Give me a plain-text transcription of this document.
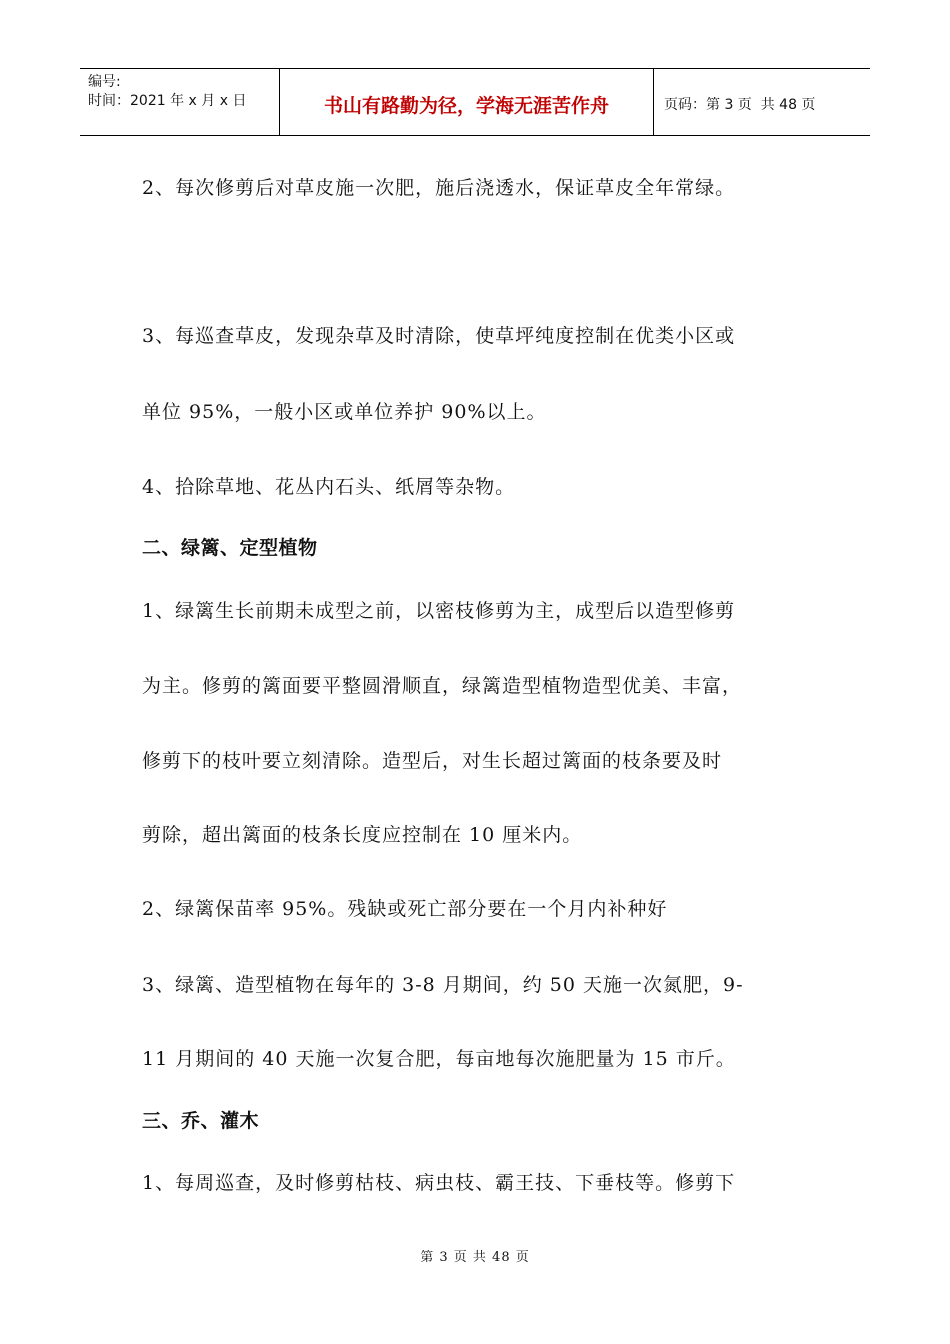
编号:
时间：2021 年 x 月 x 日	书山有路勤为径，学海无涯苦作舟	页码：第 3 页  共 48 页
2、每次修剪后对草皮施一次肥，施后浇透水，保证草皮全年常绿。
3、每巡查草皮，发现杂草及时清除，使草坪纯度控制在优类小区或
单位 95%，一般小区或单位养护 90%以上。
4、拾除草地、花丛内石头、纸屑等杂物。
二、绿篱、定型植物
1、绿篱生长前期未成型之前，以密枝修剪为主，成型后以造型修剪
为主。修剪的篱面要平整圆滑顺直，绿篱造型植物造型优美、丰富，
修剪下的枝叶要立刻清除。造型后，对生长超过篱面的枝条要及时
剪除，超出篱面的枝条长度应控制在 10 厘米内。
2、绿篱保苗率 95%。残缺或死亡部分要在一个月内补种好
3、绿篱、造型植物在每年的 3-8 月期间，约 50 天施一次氮肥，9-
11 月期间的 40 天施一次复合肥，每亩地每次施肥量为 15 市斤。
三、乔、灌木
1、每周巡查，及时修剪枯枝、病虫枝、霸王技、下垂枝等。修剪下
第 3 页 共 48 页
